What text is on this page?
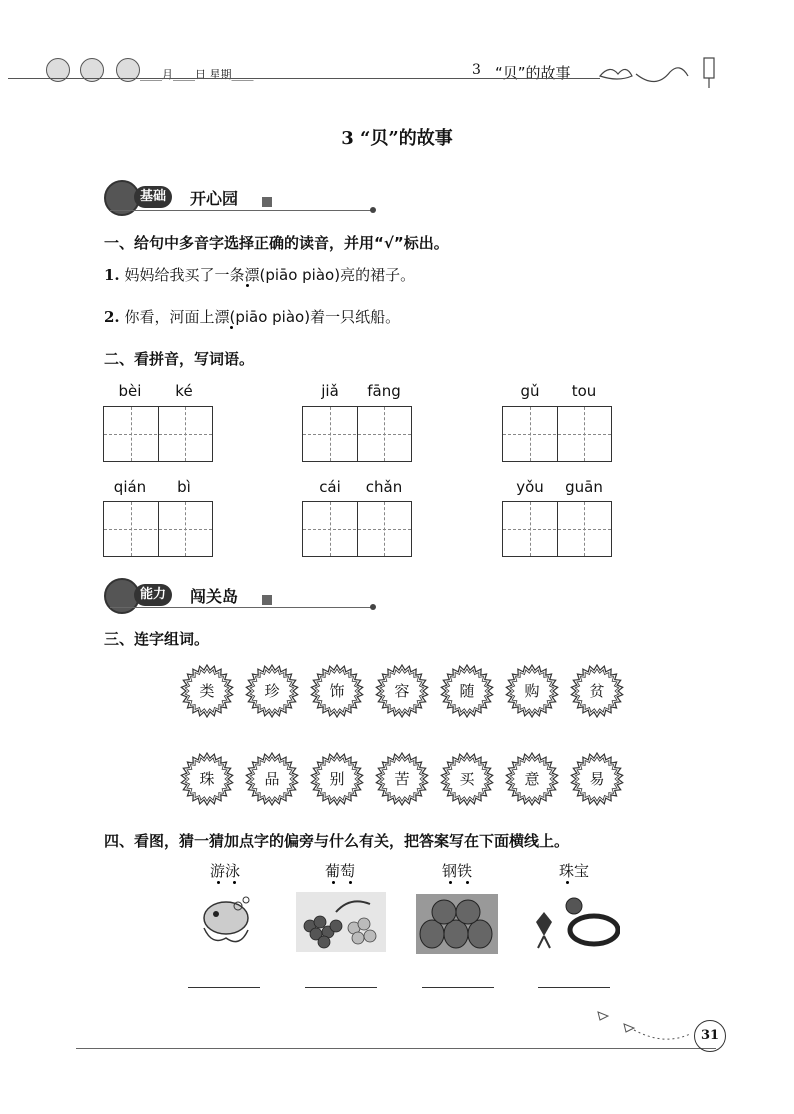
____月____日 星期____	3 “贝”的故事
3 “贝”的故事
基础	开心园
一、给句中多音字选择正确的读音，并用“√”标出。
1. 妈妈给我买了一条漂(piāo piào)亮的裙子。
2. 你看，河面上漂(piāo piào)着一只纸船。
二、看拼音，写词语。
bèi	ké	jiǎ	fāng	gǔ	tou
qián	bì	cái	chǎn	yǒu	guān
能力	闯关岛
三、连字组词。
类	珍	饰	容	随	购	贫
珠	品	别	苦	买	意	易
四、看图，猜一猜加点字的偏旁与什么有关，把答案写在下面横线上。
游泳	葡萄	钢铁	珠宝
31
